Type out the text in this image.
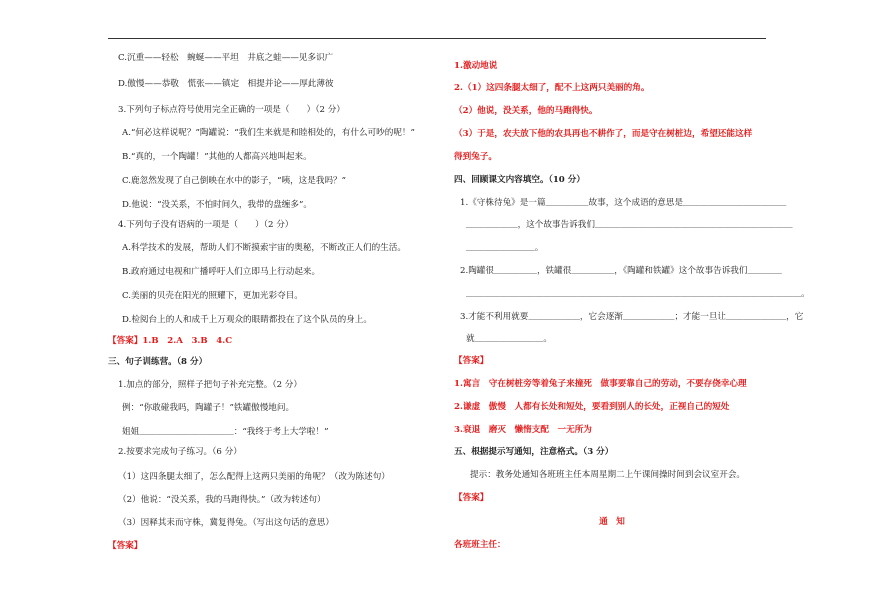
C.沉重——轻松　蜿蜒——平坦　井底之蛙——见多识广
D.傲慢——恭敬　慌张——镇定　相提并论——厚此薄彼
3.下列句子标点符号使用完全正确的一项是（　　）（2 分）
A.“何必这样说呢？”陶罐说：“我们生来就是和睦相处的，有什么可吵的呢！”
B.“真的，一个陶罐！”其他的人都高兴地叫起来。
C.鹿忽然发现了自己倒映在水中的影子，“咦，这是我吗？”
D.他说：“没关系，不怕时间久，我带的盘缠多”。
4.下列句子没有语病的一项是（　　）（2 分）
A.科学技术的发展，帮助人们不断摸索宇宙的奥秘，不断改正人们的生活。
B.政府通过电视和广播呼吁人们立即马上行动起来。
C.美丽的贝壳在阳光的照耀下，更加光彩夺目。
D.检阅台上的人和成千上万观众的眼睛都投在了这个队员的身上。
【答案】1.B　2.A　3.B　4.C
三、句子训练营。（8 分）
1.加点的部分，照样子把句子补充完整。（2 分）
例：“你敢碰我吗，陶罐子！”铁罐傲慢地问。
姐姐＿＿＿＿＿＿＿＿＿＿＿：“我终于考上大学啦！”
2.按要求完成句子练习。（6 分）
（1）这四条腿太细了，怎么配得上这两只美丽的角呢？（改为陈述句）
（2）他说：“没关系，我的马跑得快。”（改为转述句）
（3）因释其耒而守株，冀复得兔。（写出这句话的意思）
【答案】
1.激动地说
2.（1）这四条腿太细了，配不上这两只美丽的角。
（2）他说，没关系，他的马跑得快。
（3）于是，农夫放下他的农具再也不耕作了，而是守在树桩边，希望还能这样
得到兔子。
四、回顾课文内容填空。（10 分）
1.《守株待兔》是一篇＿＿＿＿＿故事，这个成语的意思是＿＿＿＿＿＿＿＿＿＿＿＿
＿＿＿＿＿＿，这个故事告诉我们＿＿＿＿＿＿＿＿＿＿＿＿＿＿＿＿＿＿＿＿＿＿＿
＿＿＿＿＿＿＿＿。
2.陶罐很＿＿＿＿＿，铁罐很＿＿＿＿＿，《陶罐和铁罐》这个故事告诉我们＿＿＿＿
＿＿＿＿＿＿＿＿＿＿＿＿＿＿＿＿＿＿＿＿＿＿＿＿＿＿＿＿＿＿＿＿＿＿＿＿＿＿＿。
3.才能不利用就要＿＿＿＿＿＿，它会逐渐＿＿＿＿＿＿；才能一旦让＿＿＿＿＿＿＿，它
就＿＿＿＿＿＿＿＿。
【答案】
1.寓言　守在树桩旁等着兔子来撞死　做事要靠自己的劳动，不要存侥幸心理
2.谦虚　傲慢　人都有长处和短处，要看到别人的长处，正视自己的短处
3.衰退　磨灭　懒惰支配　一无所为
五、根据提示写通知，注意格式。（3 分）
提示：教务处通知各班班主任本周星期二上午课间操时间到会议室开会。
【答案】
通　知
各班班主任：
